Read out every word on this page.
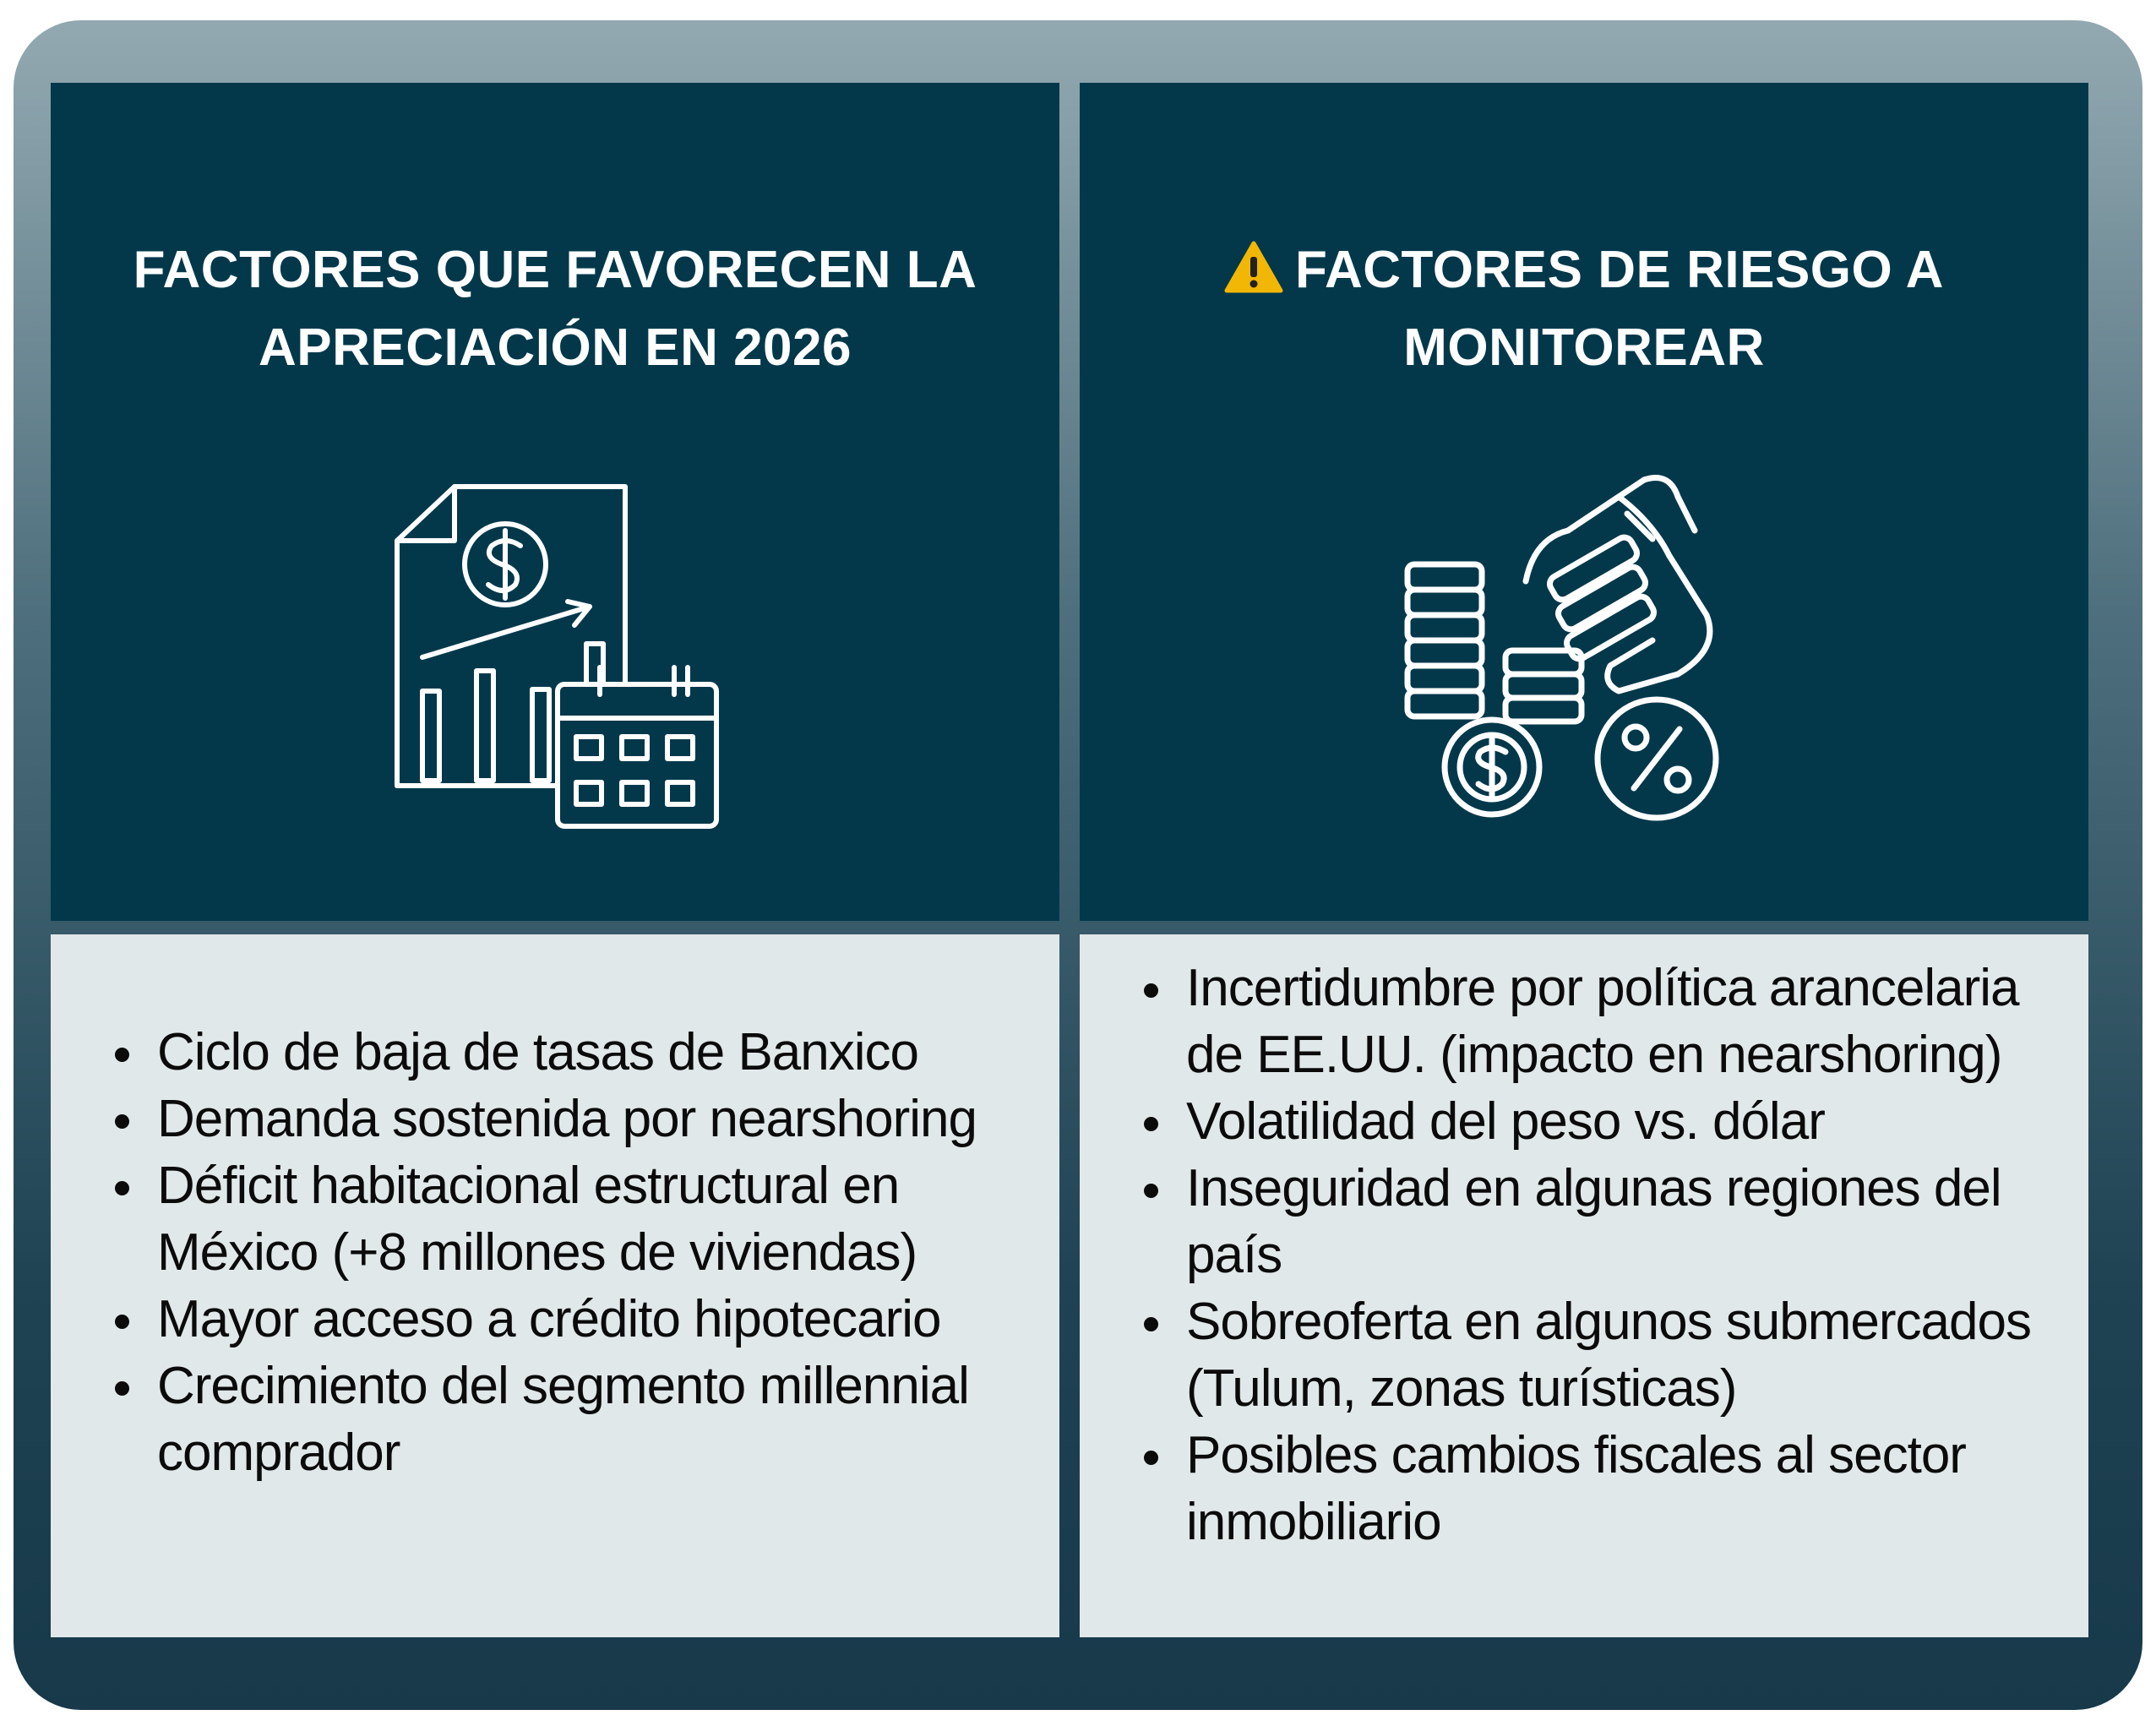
FACTORES QUE FAVORECEN LA APRECIACIÓN EN 2026
FACTORES DE RIESGO A MONITOREAR
Ciclo de baja de tasas de Banxico
Demanda sostenida por nearshoring
Déficit habitacional estructural en México (+8 millones de viviendas)
Mayor acceso a crédito hipotecario
Crecimiento del segmento millennial comprador
Incertidumbre por política arancelaria de EE.UU. (impacto en nearshoring)
Volatilidad del peso vs. dólar
Inseguridad en algunas regiones del país
Sobreoferta en algunos submercados (Tulum, zonas turísticas)
Posibles cambios fiscales al sector inmobiliario
